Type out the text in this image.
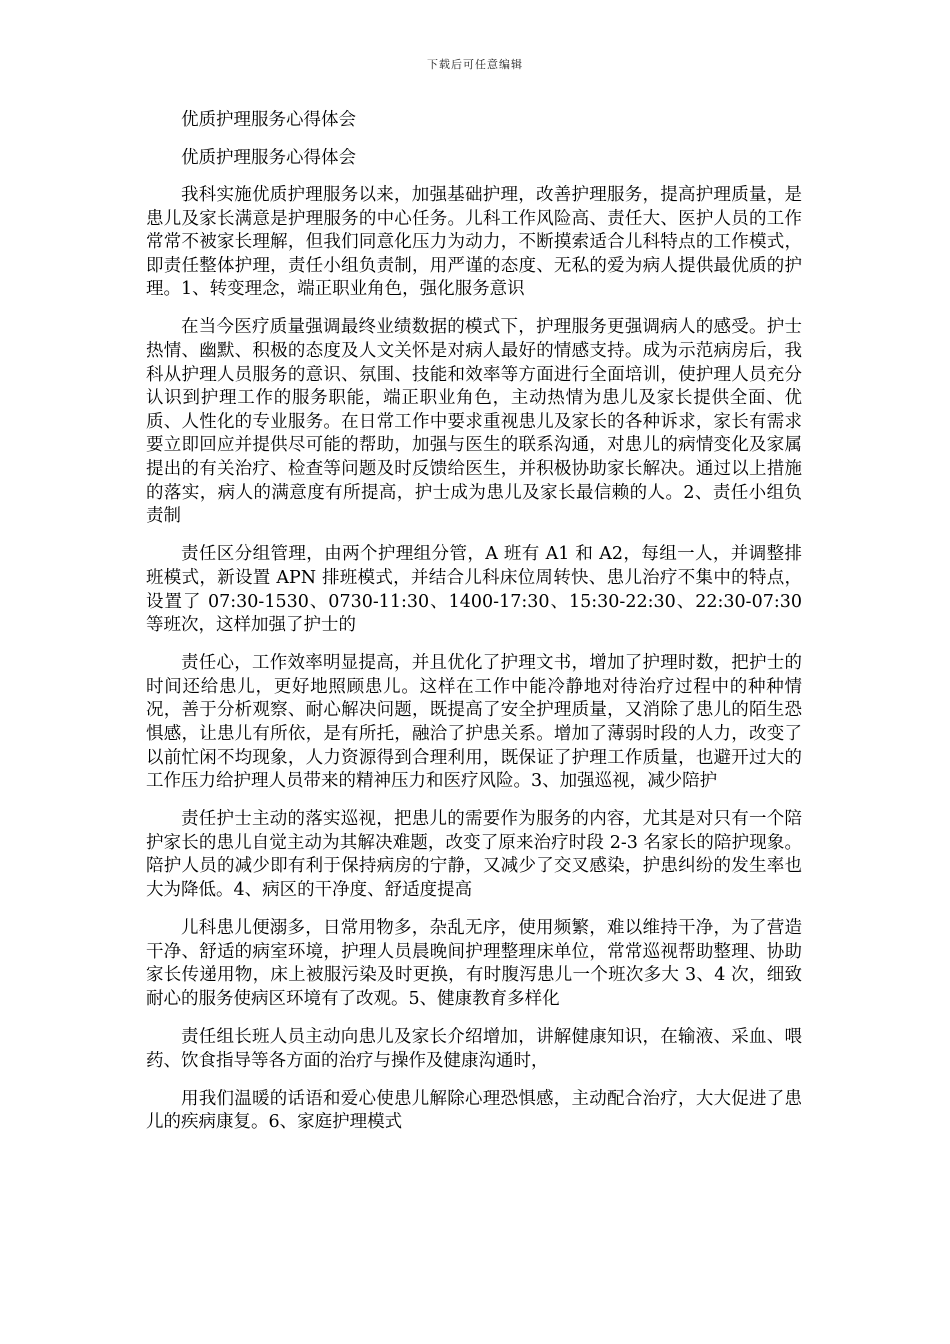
下载后可任意编辑
优质护理服务心得体会
优质护理服务心得体会
我科实施优质护理服务以来，加强基础护理，改善护理服务，提高护理质量，是患儿及家长满意是护理服务的中心任务。儿科工作风险高、责任大、医护人员的工作常常不被家长理解，但我们同意化压力为动力，不断摸索适合儿科特点的工作模式，即责任整体护理，责任小组负责制，用严谨的态度、无私的爱为病人提供最优质的护理。1、转变理念，端正职业角色，强化服务意识
在当今医疗质量强调最终业绩数据的模式下，护理服务更强调病人的感受。护士热情、幽默、积极的态度及人文关怀是对病人最好的情感支持。成为示范病房后，我科从护理人员服务的意识、氛围、技能和效率等方面进行全面培训，使护理人员充分认识到护理工作的服务职能，端正职业角色，主动热情为患儿及家长提供全面、优质、人性化的专业服务。在日常工作中要求重视患儿及家长的各种诉求，家长有需求要立即回应并提供尽可能的帮助，加强与医生的联系沟通，对患儿的病情变化及家属提出的有关治疗、检查等问题及时反馈给医生，并积极协助家长解决。通过以上措施的落实，病人的满意度有所提高，护士成为患儿及家长最信赖的人。2、责任小组负责制
责任区分组管理，由两个护理组分管，A 班有 A1 和 A2，每组一人，并调整排班模式，新设置 APN 排班模式，并结合儿科床位周转快、患儿治疗不集中的特点，设置了 07:30-1530、0730-11:30、1400-17:30、15:30-22:30、22:30-07:30 等班次，这样加强了护士的
责任心，工作效率明显提高，并且优化了护理文书，增加了护理时数，把护士的时间还给患儿，更好地照顾患儿。这样在工作中能冷静地对待治疗过程中的种种情况，善于分析观察、耐心解决问题，既提高了安全护理质量，又消除了患儿的陌生恐惧感，让患儿有所依，是有所托，融洽了护患关系。增加了薄弱时段的人力，改变了以前忙闲不均现象，人力资源得到合理利用，既保证了护理工作质量，也避开过大的工作压力给护理人员带来的精神压力和医疗风险。3、加强巡视，减少陪护
责任护士主动的落实巡视，把患儿的需要作为服务的内容，尤其是对只有一个陪护家长的患儿自觉主动为其解决难题，改变了原来治疗时段 2-3 名家长的陪护现象。陪护人员的减少即有利于保持病房的宁静，又减少了交叉感染，护患纠纷的发生率也大为降低。4、病区的干净度、舒适度提高
儿科患儿便溺多，日常用物多，杂乱无序，使用频繁，难以维持干净，为了营造干净、舒适的病室环境，护理人员晨晚间护理整理床单位，常常巡视帮助整理、协助家长传递用物，床上被服污染及时更换，有时腹泻患儿一个班次多大 3、4 次，细致耐心的服务使病区环境有了改观。5、健康教育多样化
责任组长班人员主动向患儿及家长介绍增加，讲解健康知识，在输液、采血、喂药、饮食指导等各方面的治疗与操作及健康沟通时，
用我们温暖的话语和爱心使患儿解除心理恐惧感，主动配合治疗，大大促进了患儿的疾病康复。6、家庭护理模式
